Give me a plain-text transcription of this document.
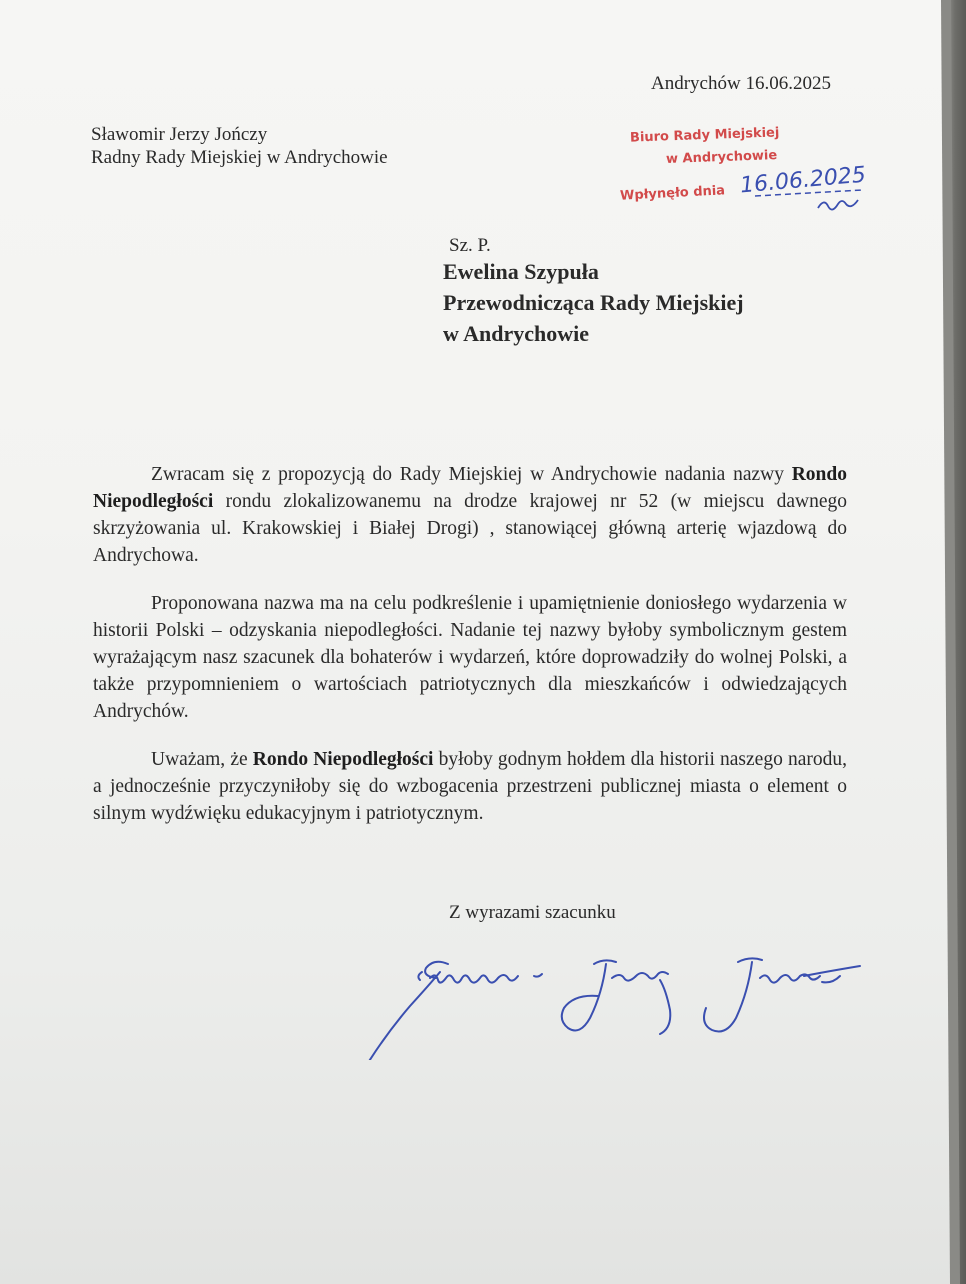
Andrychów 16.06.2025
Sławomir Jerzy Jończy
Radny Rady Miejskiej w Andrychowie
Biuro Rady Miejskiej
w Andrychowie
Wpłynęło dnia 16.06.2025
Sz. P.
Ewelina Szypuła
Przewodnicząca Rady Miejskiej
w Andrychowie
Zwracam się z propozycją do Rady Miejskiej w Andrychowie nadania nazwy Rondo Niepodległości rondu zlokalizowanemu na drodze krajowej nr 52 (w miejscu dawnego skrzyżowania ul. Krakowskiej i Białej Drogi) , stanowiącej główną arterię wjazdową do Andrychowa.
Proponowana nazwa ma na celu podkreślenie i upamiętnienie doniosłego wydarzenia w historii Polski – odzyskania niepodległości. Nadanie tej nazwy byłoby symbolicznym gestem wyrażającym nasz szacunek dla bohaterów i wydarzeń, które doprowadziły do wolnej Polski, a także przypomnieniem o wartościach patriotycznych dla mieszkańców i odwiedzających Andrychów.
Uważam, że Rondo Niepodległości byłoby godnym hołdem dla historii naszego narodu, a jednocześnie przyczyniłoby się do wzbogacenia przestrzeni publicznej miasta o element o silnym wydźwięku edukacyjnym i patriotycznym.
Z wyrazami szacunku
